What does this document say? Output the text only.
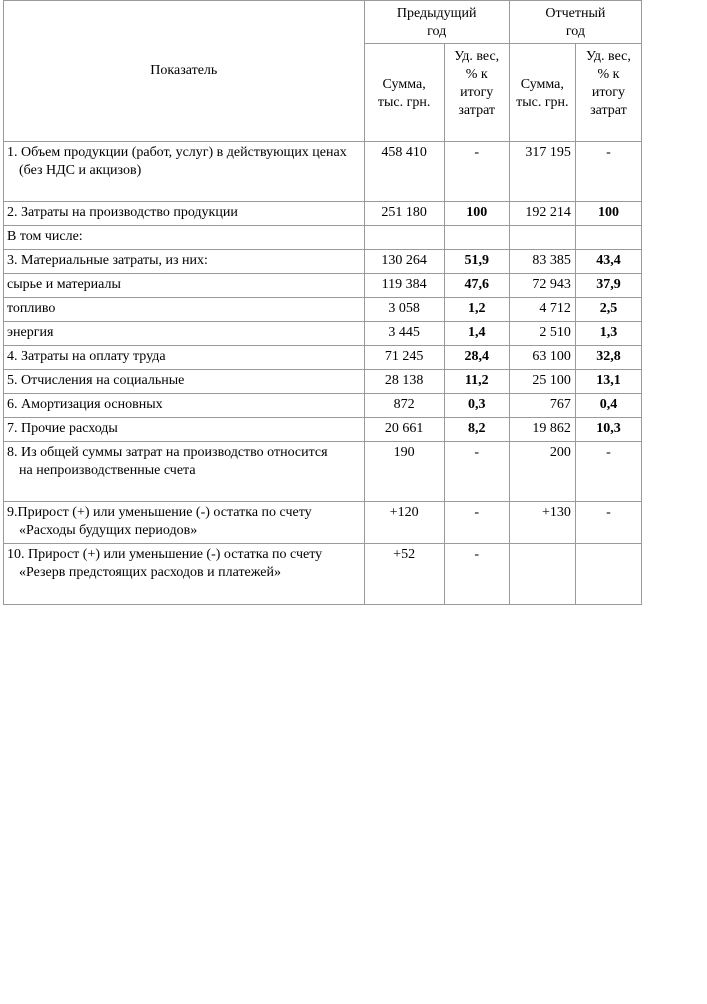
Показатель	Предыдущий год		Отчетный год	
	Сумма, тыс. грн.	Уд. вес, % к итогу затрат	Сумма, тыс. грн.	Уд. вес, % к итогу затрат

1. Объем продукции (работ, услуг) в действующих ценах
(без НДС и акцизов)	458 410	-	317 195	-

2. Затраты на производство продукции	251 180	100	192 214	100

В том числе:				

3. Материальные затраты, из них:	130 264	51,9	83 385	43,4

сырье и материалы	119 384	47,6	72 943	37,9

топливо	3 058	1,2	4 712	2,5

энергия	3 445	1,4	2 510	1,3

4. Затраты на оплату труда	71 245	28,4	63 100	32,8

5. Отчисления на социальные	28 138	11,2	25 100	13,1

6. Амортизация основных	872	0,3	767	0,4

7. Прочие расходы	20 661	8,2	19 862	10,3

8. Из общей суммы затрат на производство относится
на непроизводственные счета	190	-	200	-

9.Прирост (+) или уменьшение (-) остатка по счету
«Расходы будущих периодов»	+120	-	+130	-

10. Прирост (+) или уменьшение (-) остатка по счету
«Резерв предстоящих расходов и платежей»	+52	-		
